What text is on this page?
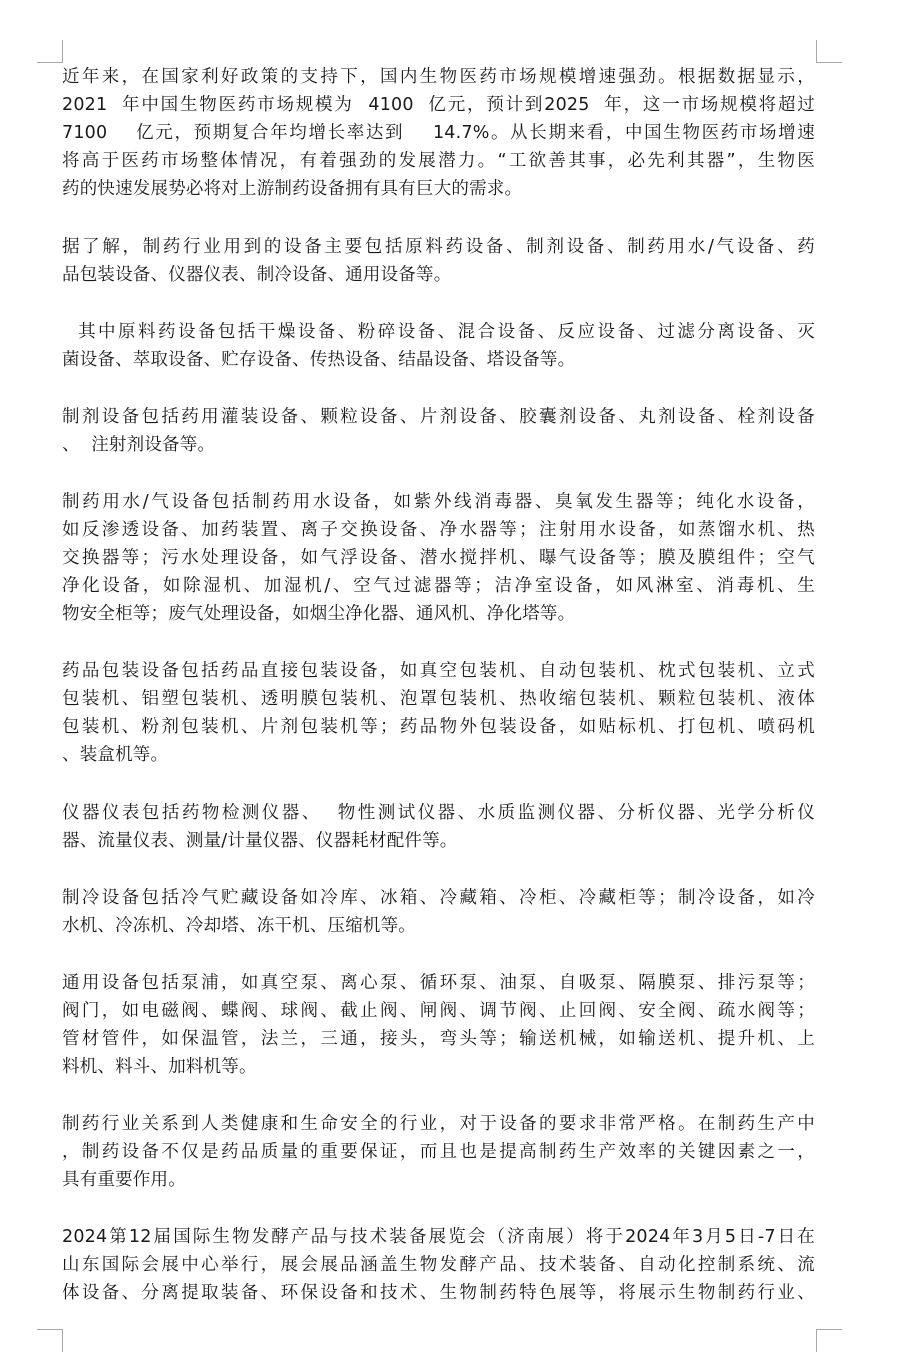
近年来，在国家利好政策的支持下，国内生物医药市场规模增速强劲。根据数据显示，
2021  年中国生物医药市场规模为  4100  亿元，预计到2025  年，这一市场规模将超过
7100    亿元，预期复合年均增长率达到    14.7%。从长期来看，中国生物医药市场增速
将高于医药市场整体情况，有着强劲的发展潜力。“工欲善其事，必先利其器”，生物医
药的快速发展势必将对上游制药设备拥有具有巨大的需求。
据了解，制药行业用到的设备主要包括原料药设备、制剂设备、制药用水/气设备、药
品包装设备、仪器仪表、制冷设备、通用设备等。
其中原料药设备包括干燥设备、粉碎设备、混合设备、反应设备、过滤分离设备、灭
菌设备、萃取设备、贮存设备、传热设备、结晶设备、塔设备等。
制剂设备包括药用灌装设备、颗粒设备、片剂设备、胶囊剂设备、丸剂设备、栓剂设备
、  注射剂设备等。
制药用水/气设备包括制药用水设备，如紫外线消毒器、臭氧发生器等；纯化水设备，
如反渗透设备、加药装置、离子交换设备、净水器等；注射用水设备，如蒸馏水机、热
交换器等；污水处理设备，如气浮设备、潜水搅拌机、曝气设备等；膜及膜组件；空气
净化设备，如除湿机、加湿机/、空气过滤器等；洁净室设备，如风淋室、消毒机、生
物安全柜等；废气处理设备，如烟尘净化器、通风机、净化塔等。
药品包装设备包括药品直接包装设备，如真空包装机、自动包装机、枕式包装机、立式
包装机、铝塑包装机、透明膜包装机、泡罩包装机、热收缩包装机、颗粒包装机、液体
包装机、粉剂包装机、片剂包装机等；药品物外包装设备，如贴标机、打包机、喷码机
、装盒机等。
仪器仪表包括药物检测仪器、  物性测试仪器、水质监测仪器、分析仪器、光学分析仪
器、流量仪表、测量/计量仪器、仪器耗材配件等。
制冷设备包括冷气贮藏设备如冷库、冰箱、冷藏箱、冷柜、冷藏柜等；制冷设备，如冷
水机、冷冻机、冷却塔、冻干机、压缩机等。
通用设备包括泵浦，如真空泵、离心泵、循环泵、油泵、自吸泵、隔膜泵、排污泵等；
阀门，如电磁阀、蝶阀、球阀、截止阀、闸阀、调节阀、止回阀、安全阀、疏水阀等；
管材管件，如保温管，法兰，三通，接头，弯头等；输送机械，如输送机、提升机、上
料机、料斗、加料机等。
制药行业关系到人类健康和生命安全的行业，对于设备的要求非常严格。在制药生产中
，制药设备不仅是药品质量的重要保证，而且也是提高制药生产效率的关键因素之一，
具有重要作用。
2024第12届国际生物发酵产品与技术装备展览会（济南展）将于2024年3月5日-7日在
山东国际会展中心举行，展会展品涵盖生物发酵产品、技术装备、自动化控制系统、流
体设备、分离提取装备、环保设备和技术、生物制药特色展等，将展示生物制药行业、
